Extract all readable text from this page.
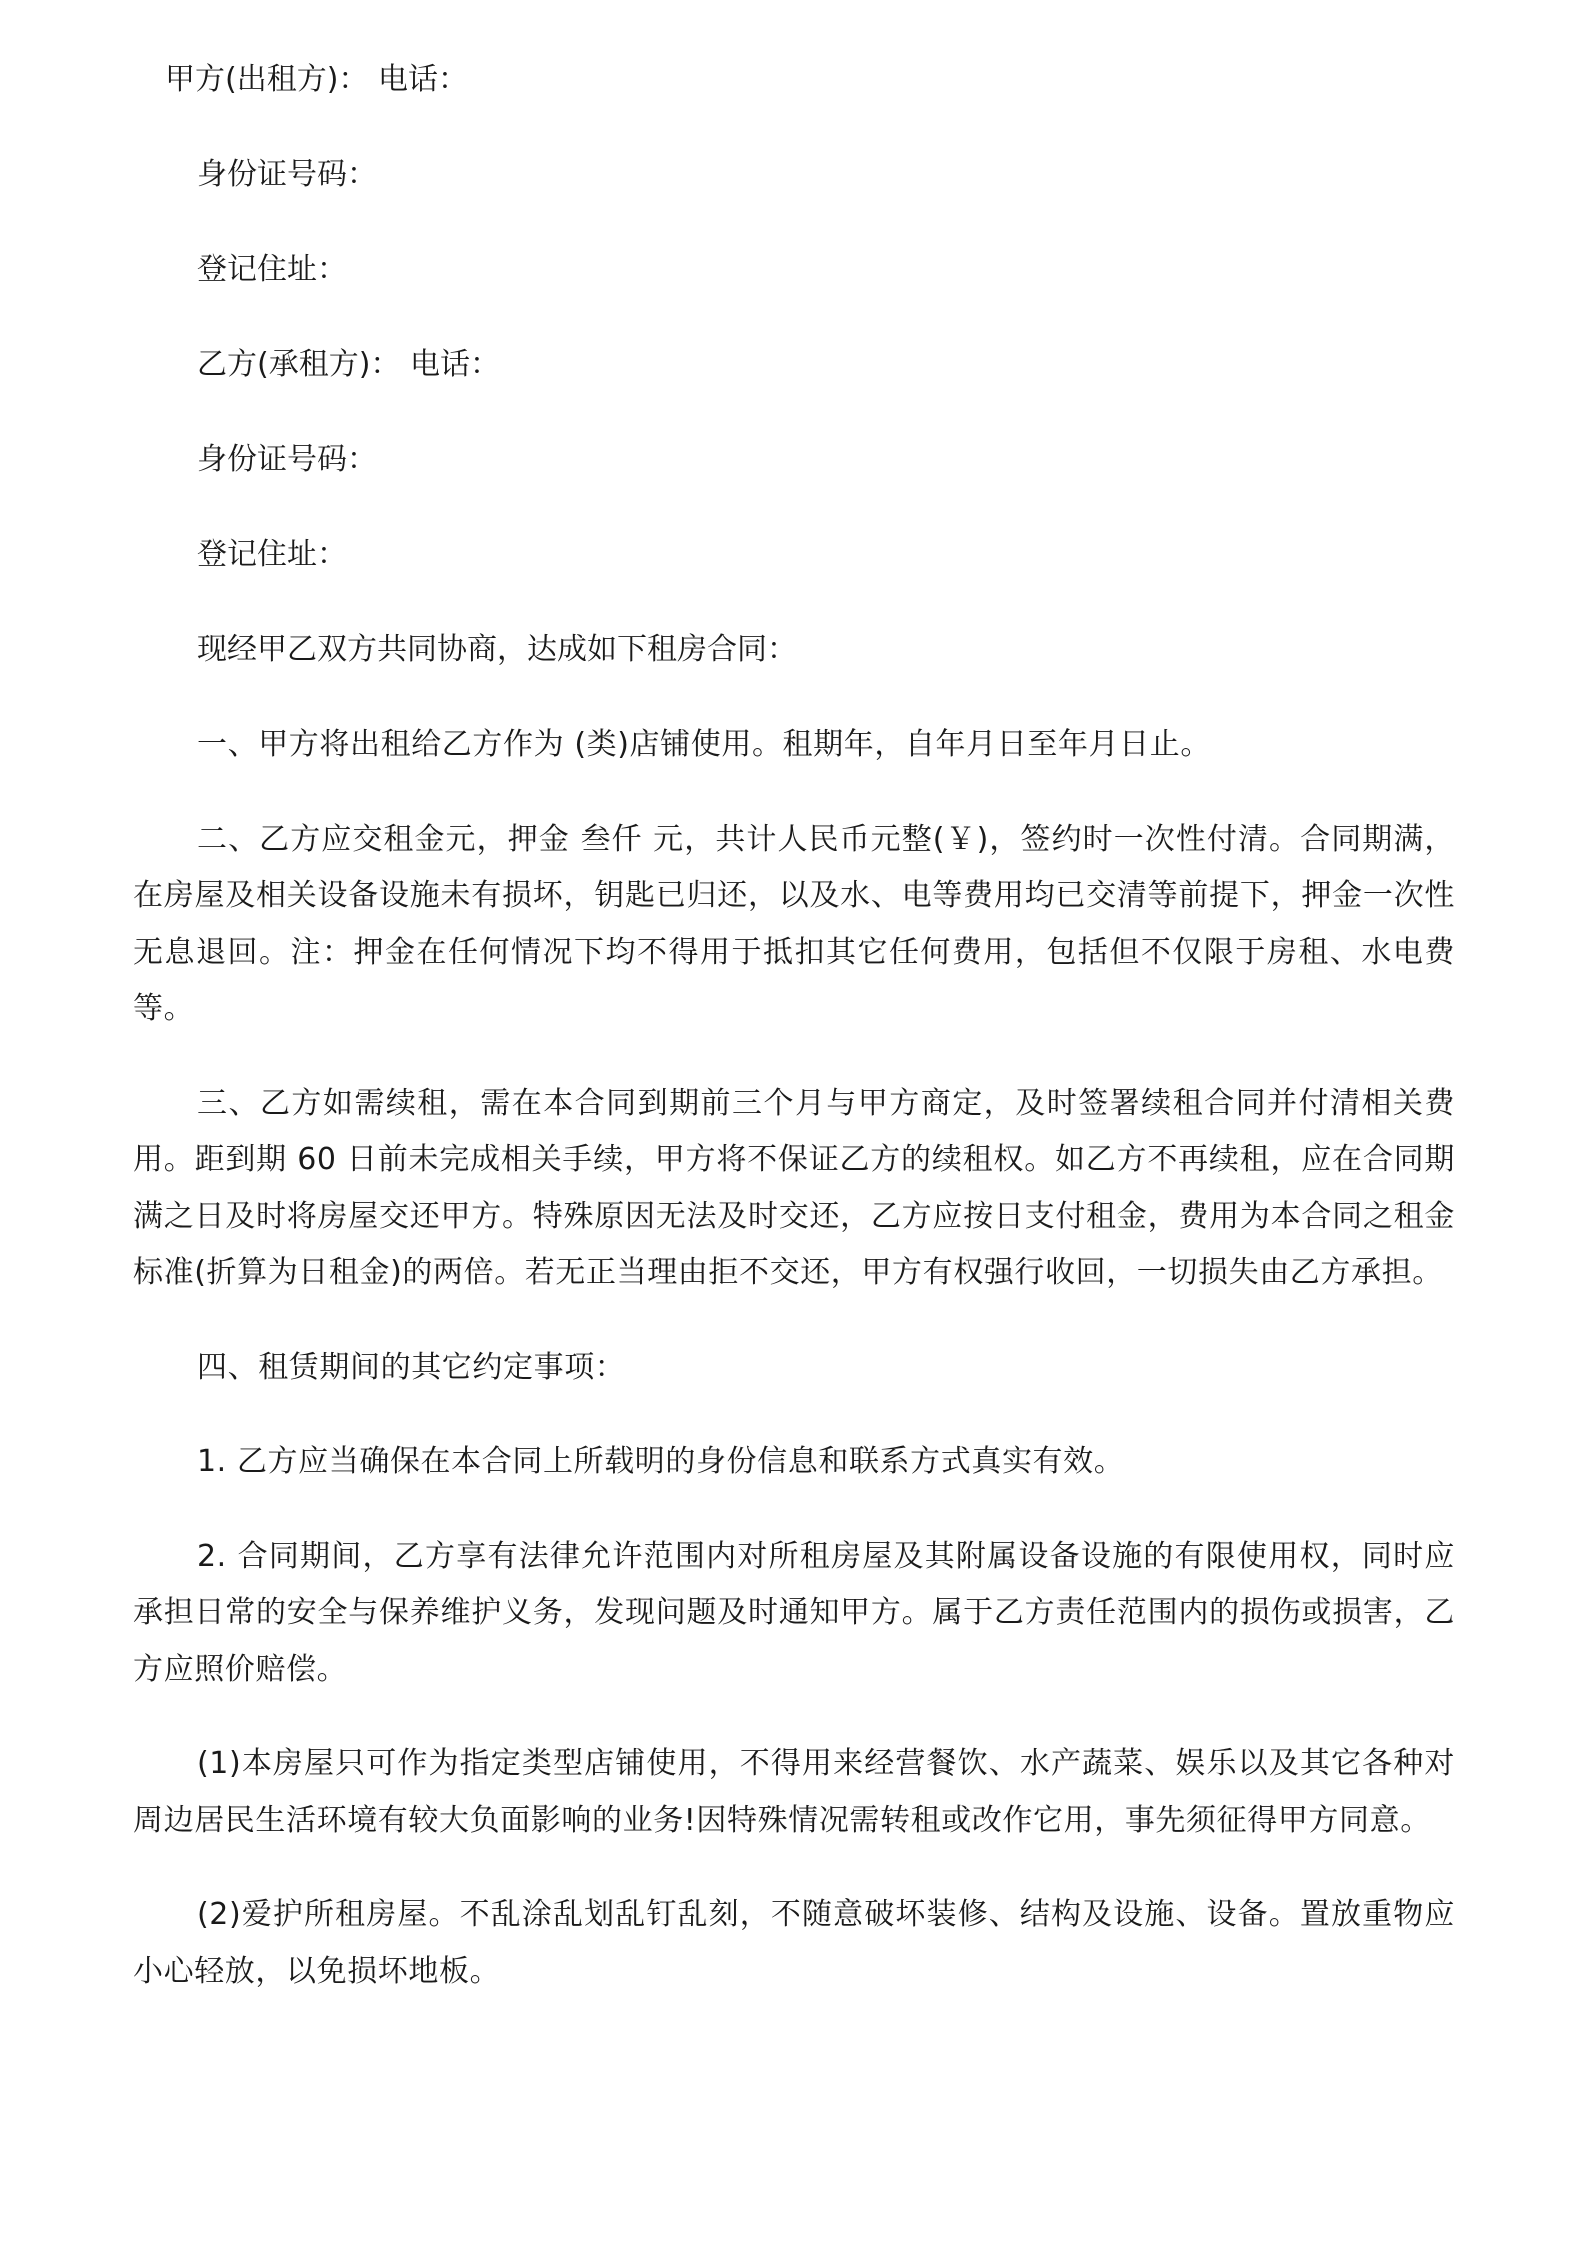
甲方(出租方)： 电话：
身份证号码：
登记住址：
乙方(承租方)： 电话：
身份证号码：
登记住址：
现经甲乙双方共同协商，达成如下租房合同：

一、甲方将出租给乙方作为 (类)店铺使用。租期年，自年月日至年月日止。

二、乙方应交租金元，押金 叁仟 元，共计人民币元整(￥)，签约时一次性付清。合同期满，在房屋及相关设备设施未有损坏，钥匙已归还，以及水、电等费用均已交清等前提下，押金一次性无息退回。注：押金在任何情况下均不得用于抵扣其它任何费用，包括但不仅限于房租、水电费等。

三、乙方如需续租，需在本合同到期前三个月与甲方商定，及时签署续租合同并付清相关费用。距到期 60 日前未完成相关手续，甲方将不保证乙方的续租权。如乙方不再续租，应在合同期满之日及时将房屋交还甲方。特殊原因无法及时交还，乙方应按日支付租金，费用为本合同之租金标准(折算为日租金)的两倍。若无正当理由拒不交还，甲方有权强行收回，一切损失由乙方承担。

四、租赁期间的其它约定事项：

1. 乙方应当确保在本合同上所载明的身份信息和联系方式真实有效。

2. 合同期间，乙方享有法律允许范围内对所租房屋及其附属设备设施的有限使用权，同时应承担日常的安全与保养维护义务，发现问题及时通知甲方。属于乙方责任范围内的损伤或损害，乙方应照价赔偿。

(1)本房屋只可作为指定类型店铺使用，不得用来经营餐饮、水产蔬菜、娱乐以及其它各种对周边居民生活环境有较大负面影响的业务!因特殊情况需转租或改作它用，事先须征得甲方同意。

(2)爱护所租房屋。不乱涂乱划乱钉乱刻，不随意破坏装修、结构及设施、设备。置放重物应小心轻放，以免损坏地板。
